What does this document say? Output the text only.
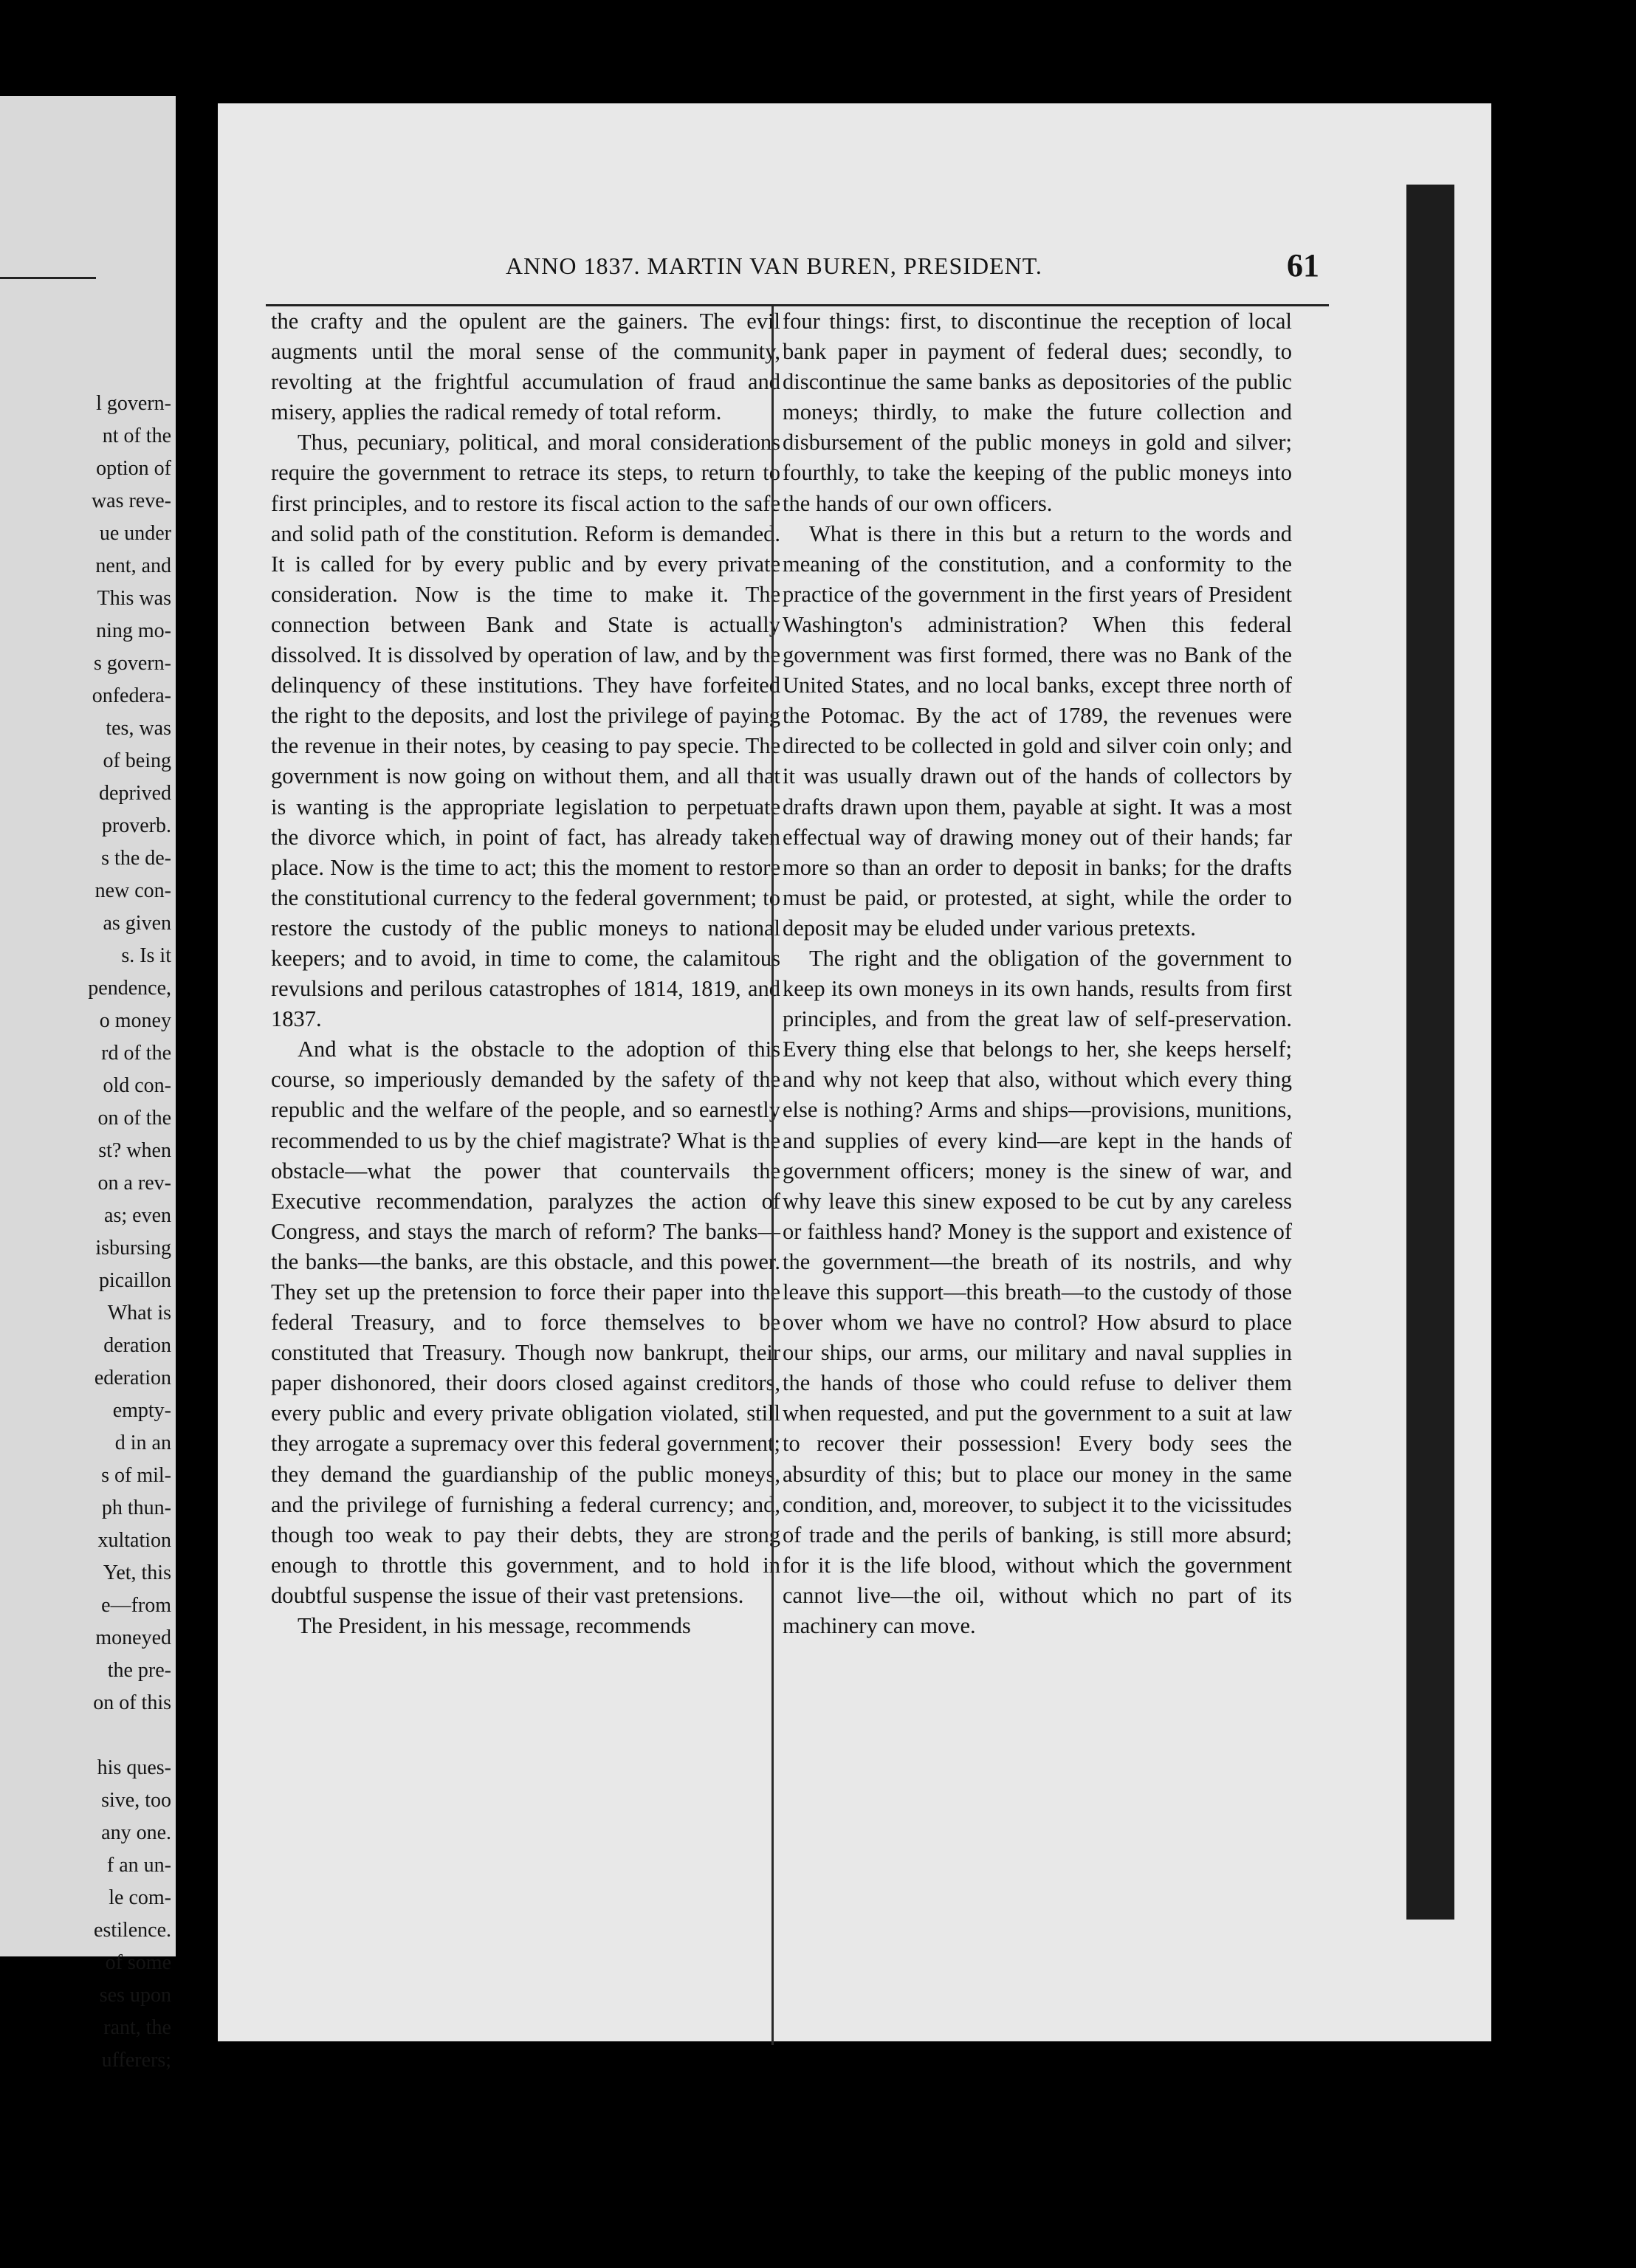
l govern-
nt of the
option of
was reve-
ue under
nent, and
This was
ning mo-
s govern-
onfedera-
tes, was
of being
deprived
proverb.
s the de-
new con-
as given
s. Is it
pendence,
o money
rd of the
old con-
on of the
st? when
on a rev-
as; even
isbursing
picaillon
What is
deration
ederation
empty-
d in an
s of mil-
ph thun-
xultation
Yet, this
e—from
moneyed
the pre-
on of this
his ques-
sive, too
any one.
f an un-
le com-
estilence.
of some
ses upon
rant, the
ufferers;
ANNO 1837. MARTIN VAN BUREN, PRESIDENT.	61

the crafty and the opulent are the gainers. The evil augments until the moral sense of the community, revolting at the frightful accumulation of fraud and misery, applies the radical remedy of total reform.

Thus, pecuniary, political, and moral considerations require the government to retrace its steps, to return to first principles, and to restore its fiscal action to the safe and solid path of the constitution. Reform is demanded. It is called for by every public and by every private consideration. Now is the time to make it. The connection between Bank and State is actually dissolved. It is dissolved by operation of law, and by the delinquency of these institutions. They have forfeited the right to the deposits, and lost the privilege of paying the revenue in their notes, by ceasing to pay specie. The government is now going on without them, and all that is wanting is the appropriate legislation to perpetuate the divorce which, in point of fact, has already taken place. Now is the time to act; this the moment to restore the constitutional currency to the federal government; to restore the custody of the public moneys to national keepers; and to avoid, in time to come, the calamitous revulsions and perilous catastrophes of 1814, 1819, and 1837.

And what is the obstacle to the adoption of this course, so imperiously demanded by the safety of the republic and the welfare of the people, and so earnestly recommended to us by the chief magistrate? What is the obstacle—what the power that countervails the Executive recommendation, paralyzes the action of Congress, and stays the march of reform? The banks—the banks—the banks, are this obstacle, and this power. They set up the pretension to force their paper into the federal Treasury, and to force themselves to be constituted that Treasury. Though now bankrupt, their paper dishonored, their doors closed against creditors, every public and every private obligation violated, still they arrogate a supremacy over this federal government; they demand the guardianship of the public moneys, and the privilege of furnishing a federal currency; and, though too weak to pay their debts, they are strong enough to throttle this government, and to hold in doubtful suspense the issue of their vast pretensions.

The President, in his message, recommends

four things: first, to discontinue the reception of local bank paper in payment of federal dues; secondly, to discontinue the same banks as depositories of the public moneys; thirdly, to make the future collection and disbursement of the public moneys in gold and silver; fourthly, to take the keeping of the public moneys into the hands of our own officers.

What is there in this but a return to the words and meaning of the constitution, and a conformity to the practice of the government in the first years of President Washington's administration? When this federal government was first formed, there was no Bank of the United States, and no local banks, except three north of the Potomac. By the act of 1789, the revenues were directed to be collected in gold and silver coin only; and it was usually drawn out of the hands of collectors by drafts drawn upon them, payable at sight. It was a most effectual way of drawing money out of their hands; far more so than an order to deposit in banks; for the drafts must be paid, or protested, at sight, while the order to deposit may be eluded under various pretexts.

The right and the obligation of the government to keep its own moneys in its own hands, results from first principles, and from the great law of self-preservation. Every thing else that belongs to her, she keeps herself; and why not keep that also, without which every thing else is nothing? Arms and ships—provisions, munitions, and supplies of every kind—are kept in the hands of government officers; money is the sinew of war, and why leave this sinew exposed to be cut by any careless or faithless hand? Money is the support and existence of the government—the breath of its nostrils, and why leave this support—this breath—to the custody of those over whom we have no control? How absurd to place our ships, our arms, our military and naval supplies in the hands of those who could refuse to deliver them when requested, and put the government to a suit at law to recover their possession! Every body sees the absurdity of this; but to place our money in the same condition, and, moreover, to subject it to the vicissitudes of trade and the perils of banking, is still more absurd; for it is the life blood, without which the government cannot live—the oil, without which no part of its machinery can move.
